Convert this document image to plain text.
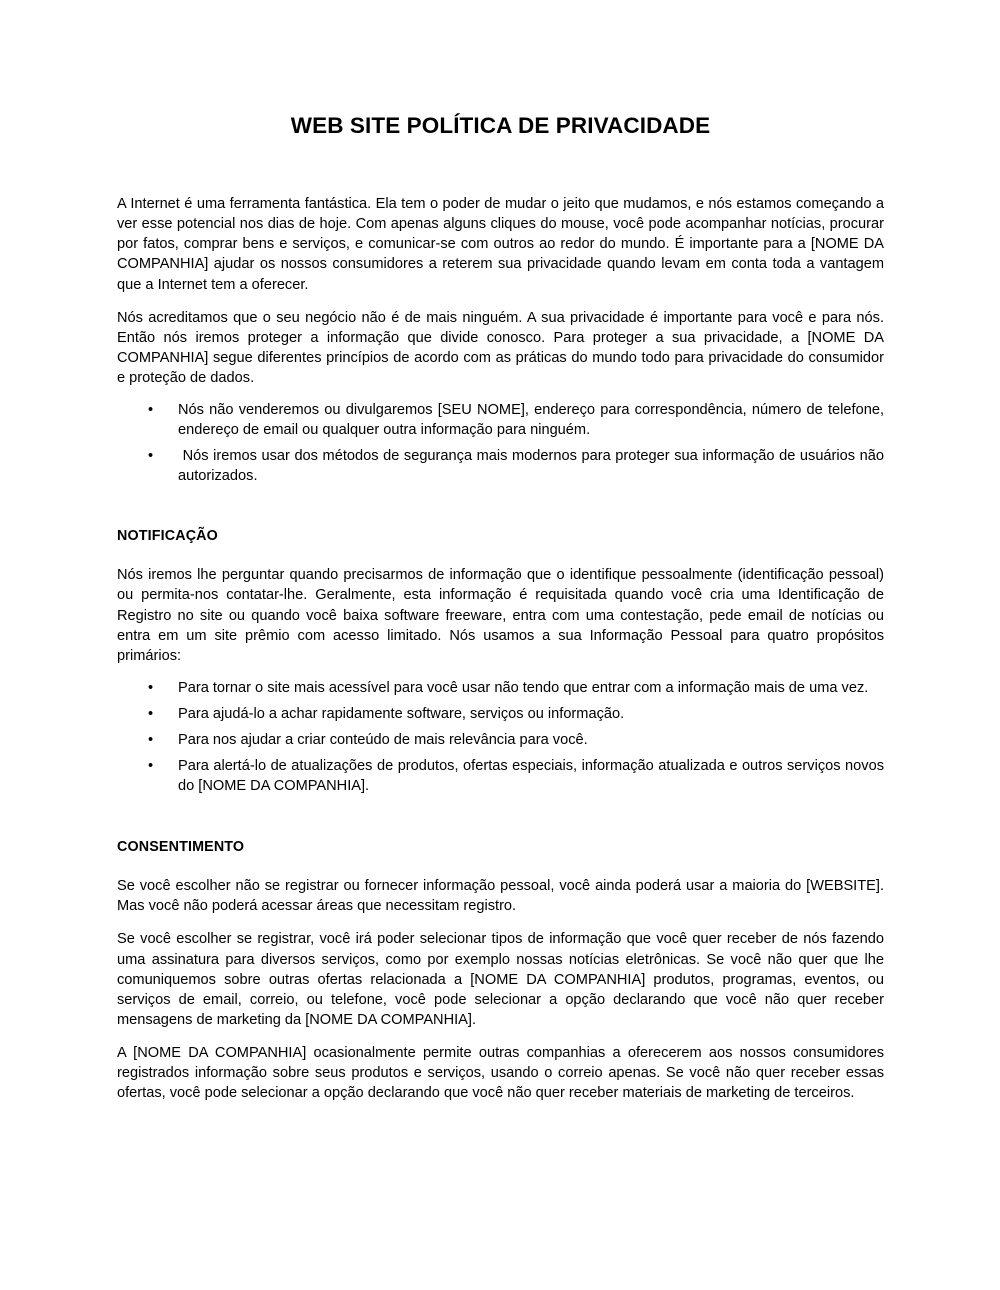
WEB SITE POLÍTICA DE PRIVACIDADE

A Internet é uma ferramenta fantástica. Ela tem o poder de mudar o jeito que mudamos, e nós estamos começando a ver esse potencial nos dias de hoje. Com apenas alguns cliques do mouse, você pode acompanhar notícias, procurar por fatos, comprar bens e serviços, e comunicar-se com outros ao redor do mundo. É importante para a [NOME DA COMPANHIA] ajudar os nossos consumidores a reterem sua privacidade quando levam em conta toda a vantagem que a Internet tem a oferecer.

Nós acreditamos que o seu negócio não é de mais ninguém. A sua privacidade é importante para você e para nós. Então nós iremos proteger a informação que divide conosco. Para proteger a sua privacidade, a [NOME DA COMPANHIA] segue diferentes princípios de acordo com as práticas do mundo todo para privacidade do consumidor e proteção de dados.

•	Nós não venderemos ou divulgaremos [SEU NOME], endereço para correspondência, número de telefone, endereço de email ou qualquer outra informação para ninguém.
•	Nós iremos usar dos métodos de segurança mais modernos para proteger sua informação de usuários não autorizados.
NOTIFICAÇÃO

Nós iremos lhe perguntar quando precisarmos de informação que o identifique pessoalmente (identificação pessoal) ou permita-nos contatar-lhe. Geralmente, esta informação é requisitada quando você cria uma Identificação de Registro no site ou quando você baixa software freeware, entra com uma contestação, pede email de notícias ou entra em um site prêmio com acesso limitado. Nós usamos a sua Informação Pessoal para quatro propósitos primários:

•	Para tornar o site mais acessível para você usar não tendo que entrar com a informação mais de uma vez.
•	Para ajudá-lo a achar rapidamente software, serviços ou informação.
•	Para nos ajudar a criar conteúdo de mais relevância para você.
•	Para alertá-lo de atualizações de produtos, ofertas especiais, informação atualizada e outros serviços novos do [NOME DA COMPANHIA].
CONSENTIMENTO

Se você escolher não se registrar ou fornecer informação pessoal, você ainda poderá usar a maioria do [WEBSITE]. Mas você não poderá acessar áreas que necessitam registro.

Se você escolher se registrar, você irá poder selecionar tipos de informação que você quer receber de nós fazendo uma assinatura para diversos serviços, como por exemplo nossas notícias eletrônicas. Se você não quer que lhe comuniquemos sobre outras ofertas relacionada a [NOME DA COMPANHIA] produtos, programas, eventos, ou serviços de email, correio, ou telefone, você pode selecionar a opção declarando que você não quer receber mensagens de marketing da [NOME DA COMPANHIA].

A [NOME DA COMPANHIA] ocasionalmente permite outras companhias a oferecerem aos nossos consumidores registrados informação sobre seus produtos e serviços, usando o correio apenas. Se você não quer receber essas ofertas, você pode selecionar a opção declarando que você não quer receber materiais de marketing de terceiros.
